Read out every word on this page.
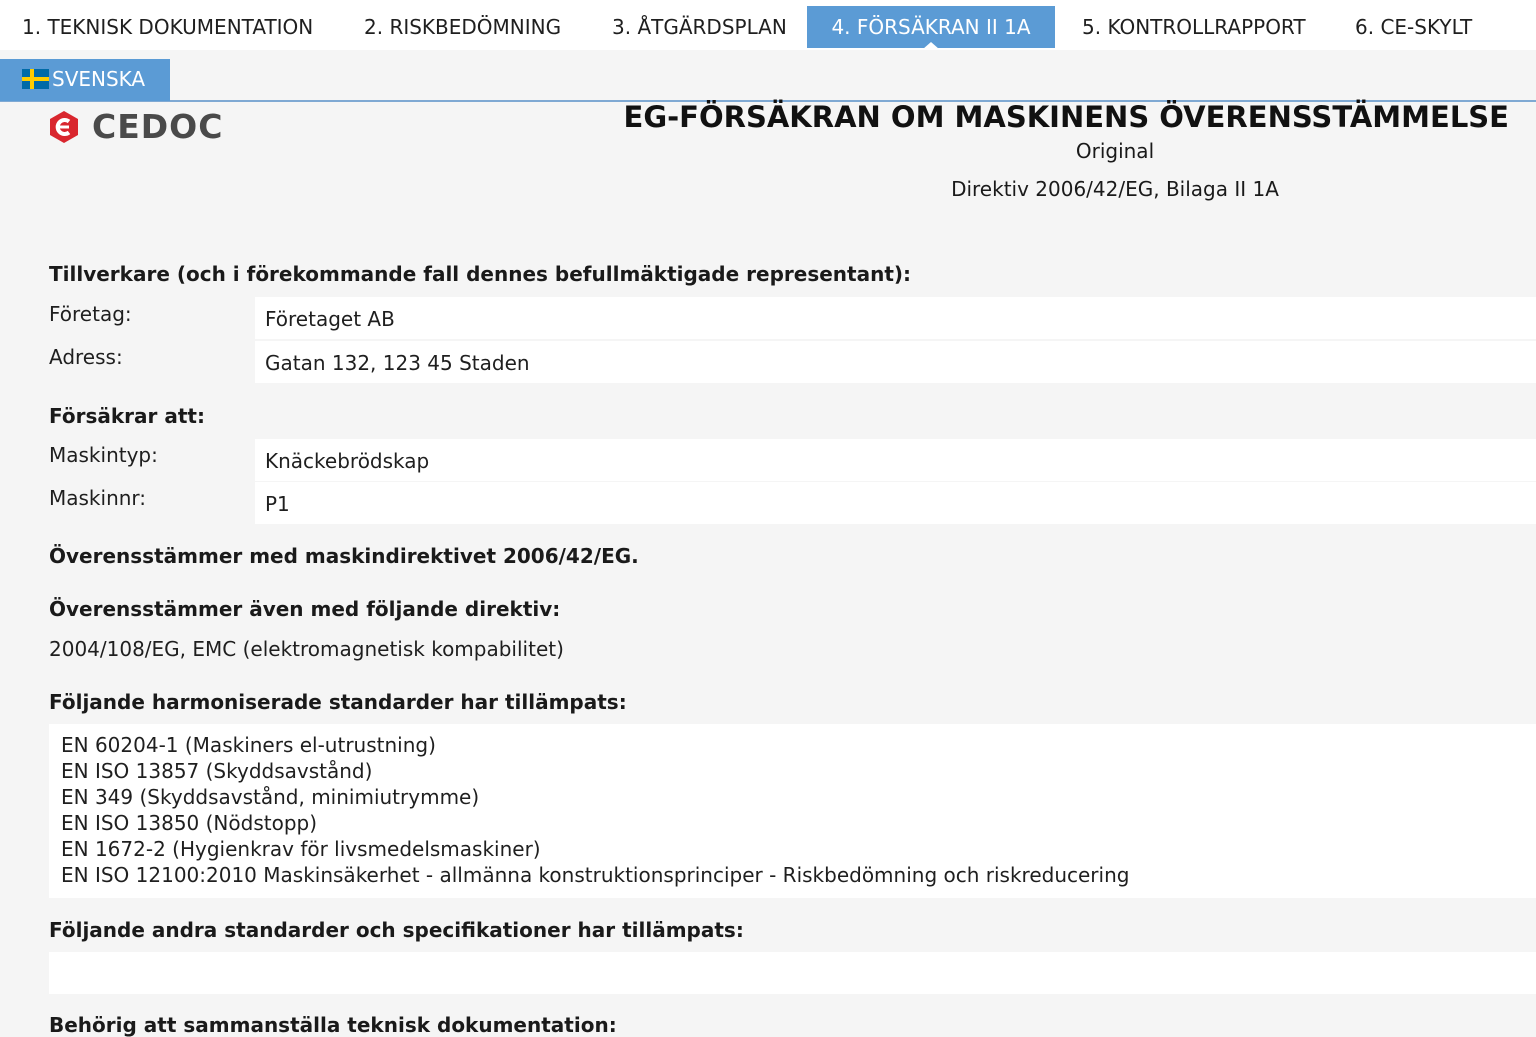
1. TEKNISK DOKUMENTATION	2. RISKBEDÖMNING	3. ÅTGÄRDSPLAN	4. FÖRSÄKRAN II 1A	5. KONTROLLRAPPORT 6. CE-SKYLT
SVENSKA
CEDOC	EG-FÖRSÄKRAN OM MASKINENS ÖVERENSSTÄMMELSE
Original
Direktiv 2006/42/EG, Bilaga II 1A
Tillverkare (och i förekommande fall dennes befullmäktigade representant):
Företag:	Företaget AB
Adress:	Gatan 132, 123 45 Staden
Försäkrar att:
Maskintyp:	Knäckebrödskap
Maskinnr:	P1
Överensstämmer med maskindirektivet 2006/42/EG.
Överensstämmer även med följande direktiv:
2004/108/EG, EMC (elektromagnetisk kompabilitet)
Följande harmoniserade standarder har tillämpats:
EN 60204-1 (Maskiners el-utrustning)
EN ISO 13857 (Skyddsavstånd)
EN 349 (Skyddsavstånd, minimiutrymme)
EN ISO 13850 (Nödstopp)
EN 1672-2 (Hygienkrav för livsmedelsmaskiner)
EN ISO 12100:2010 Maskinsäkerhet - allmänna konstruktionsprinciper - Riskbedömning och riskreducering
Följande andra standarder och specifikationer har tillämpats:
Behörig att sammanställa teknisk dokumentation:
